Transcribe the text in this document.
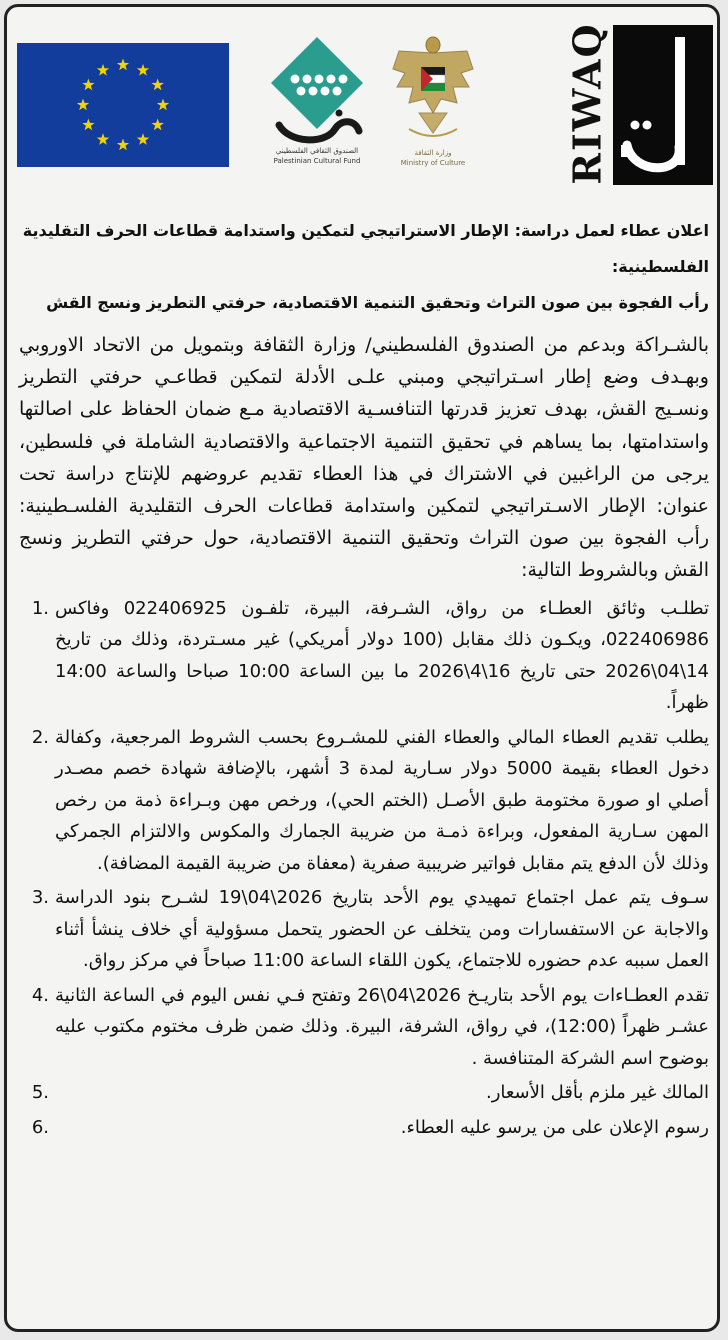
الصندوق الثقافي الفلسطيني
Palestinian Cultural Fund
وزارة الثقافة
Ministry of Culture	RIWAQ

اعلان عطاء لعمل دراسة: الإطار الاستراتيجي لتمكين واستدامة قطاعات الحرف التقليدية الفلسطينية:

رأب الفجوة بين صون التراث وتحقيق التنمية الاقتصادية، حرفتي التطريز ونسج القش

بالشـراكة وبدعم من الصندوق الفلسطيني/ وزارة الثقافة وبتمويل من الاتحاد الاوروبي وبهـدف وضع إطار اسـتراتيجي ومبني علـى الأدلة لتمكين قطاعـي حرفتي التطريز ونسـيج القش، بهدف تعزيز قدرتها التنافسـية الاقتصادية مـع ضمان الحفاظ على اصالتها واستدامتها، بما يساهم في تحقيق التنمية الاجتماعية والاقتصادية الشاملة في فلسطين، يرجى من الراغبين في الاشتراك في هذا العطاء تقديم عروضهم للإنتاج دراسة تحت عنوان: الإطار الاسـتراتيجي لتمكين واستدامة قطاعات الحرف التقليدية الفلسـطينية: رأب الفجوة بين صون التراث وتحقيق التنمية الاقتصادية، حول حرفتي التطريز ونسج القش وبالشروط التالية:

1. تطلـب وثائق العطـاء من رواق، الشـرفة، البيرة، تلفـون 022406925 وفاكس 022406986، ويكـون ذلك مقابل (100 دولار أمريكي) غير مسـتردة، وذلك من تاريخ 14\04\2026 حتى تاريخ 16\4\2026 ما بين الساعة 10:00 صباحا والساعة 14:00 ظهراً.
2. يطلب تقديم العطاء المالي والعطاء الفني للمشـروع بحسب الشروط المرجعية، وكفالة دخول العطاء بقيمة 5000 دولار سـارية لمدة 3 أشهر، بالإضافة شهادة خصم مصـدر أصلي او صورة مختومة طبق الأصـل (الختم الحي)، ورخص مهن وبـراءة ذمة من رخص المهن سـارية المفعول، وبراءة ذمـة من ضريبة الجمارك والمكوس والالتزام الجمركي وذلك لأن الدفع يتم مقابل فواتير ضريبية صفرية (معفاة من ضريبة القيمة المضافة).
3. سـوف يتم عمل اجتماع تمهيدي يوم الأحد بتاريخ 2026\04\19 لشـرح بنود الدراسة والاجابة عن الاستفسارات ومن يتخلف عن الحضور يتحمل مسؤولية أي خلاف ينشأ أثناء العمل سببه عدم حضوره للاجتماع، يكون اللقاء الساعة 11:00 صباحاً في مركز رواق.
4. تقدم العطـاءات يوم الأحد بتاريـخ 2026\04\26 وتفتح فـي نفس اليوم في الساعة الثانية عشـر ظهراً (12:00)، في رواق، الشرفة، البيرة. وذلك ضمن ظرف مختوم مكتوب عليه بوضوح اسم الشركة المتنافسة .
5.	المالك غير ملزم بأقل الأسعار.
6.	رسوم الإعلان على من يرسو عليه العطاء.
